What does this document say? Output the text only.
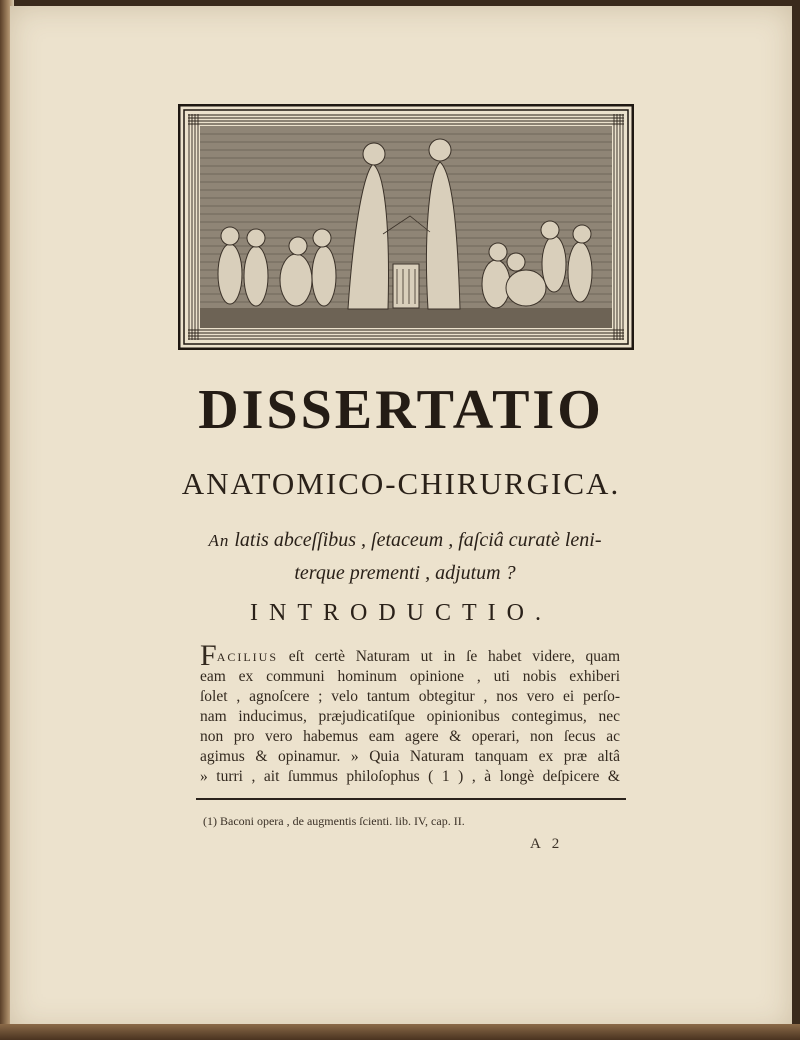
DISSERTATIO
ANATOMICO-CHIRURGICA.
An latis abceſſibus , ſetaceum , faſciâ curatè leni-
terque prementi , adjutum ?
INTRODUCTIO.
FACILIUS eſt certè Naturam ut in ſe habet videre, quam
eam ex communi hominum opinione , uti nobis exhiberi
ſolet , agnoſcere ; velo tantum obtegitur , nos vero ei perſo-
nam inducimus, præjudicatiſque opinionibus contegimus, nec
non pro vero habemus eam agere & operari, non ſecus ac
agimus & opinamur. » Quia Naturam tanquam ex præ altâ
» turri , ait ſummus philoſophus ( 1 ) , à longè deſpicere &
(1) Baconi opera , de augmentis ſcienti. lib. IV, cap. II.
A 2
